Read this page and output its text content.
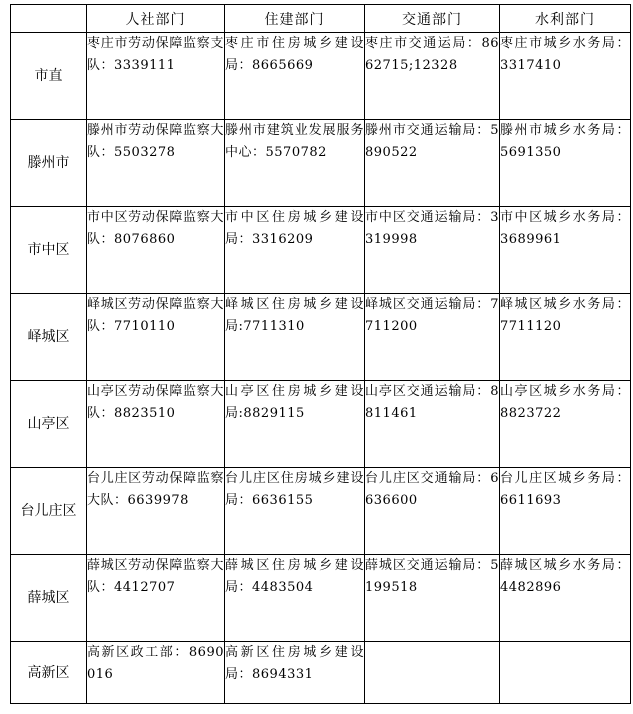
	人社部门	住建部门	交通部门	水利部门
市直	枣庄市劳动保障监察支队：3339111	枣庄市住房城乡建设局：8665669	枣庄市交通运局：8662715;12328	枣庄市城乡水务局：3317410
滕州市	滕州市劳动保障监察大队：5503278	滕州市建筑业发展服务中心：5570782	滕州市交通运输局：5890522	滕州市城乡水务局：5691350
市中区	市中区劳动保障监察大队：8076860	市中区住房城乡建设局：3316209	市中区交通运输局：3319998	市中区城乡水务局：3689961
峄城区	峄城区劳动保障监察大队：7710110	峄城区住房城乡建设局:7711310	峄城区交通运输局：7711200	峄城区城乡水务局：7711120
山亭区	山亭区劳动保障监察大队：8823510	山亭区住房城乡建设局:8829115	山亭区交通运输局：8811461	山亭区城乡水务局：8823722
台儿庄区	台儿庄区劳动保障监察大队：6639978	台儿庄区住房城乡建设局：6636155	台儿庄区交通输局：6636600	台儿庄区城乡务局：6611693
薛城区	薛城区劳动保障监察大队：4412707	薛城区住房城乡建设局：4483504	薛城区交通运输局：5199518	薛城区城乡水务局：4482896
高新区	高新区政工部：8690016	高新区住房城乡建设局：8694331		
